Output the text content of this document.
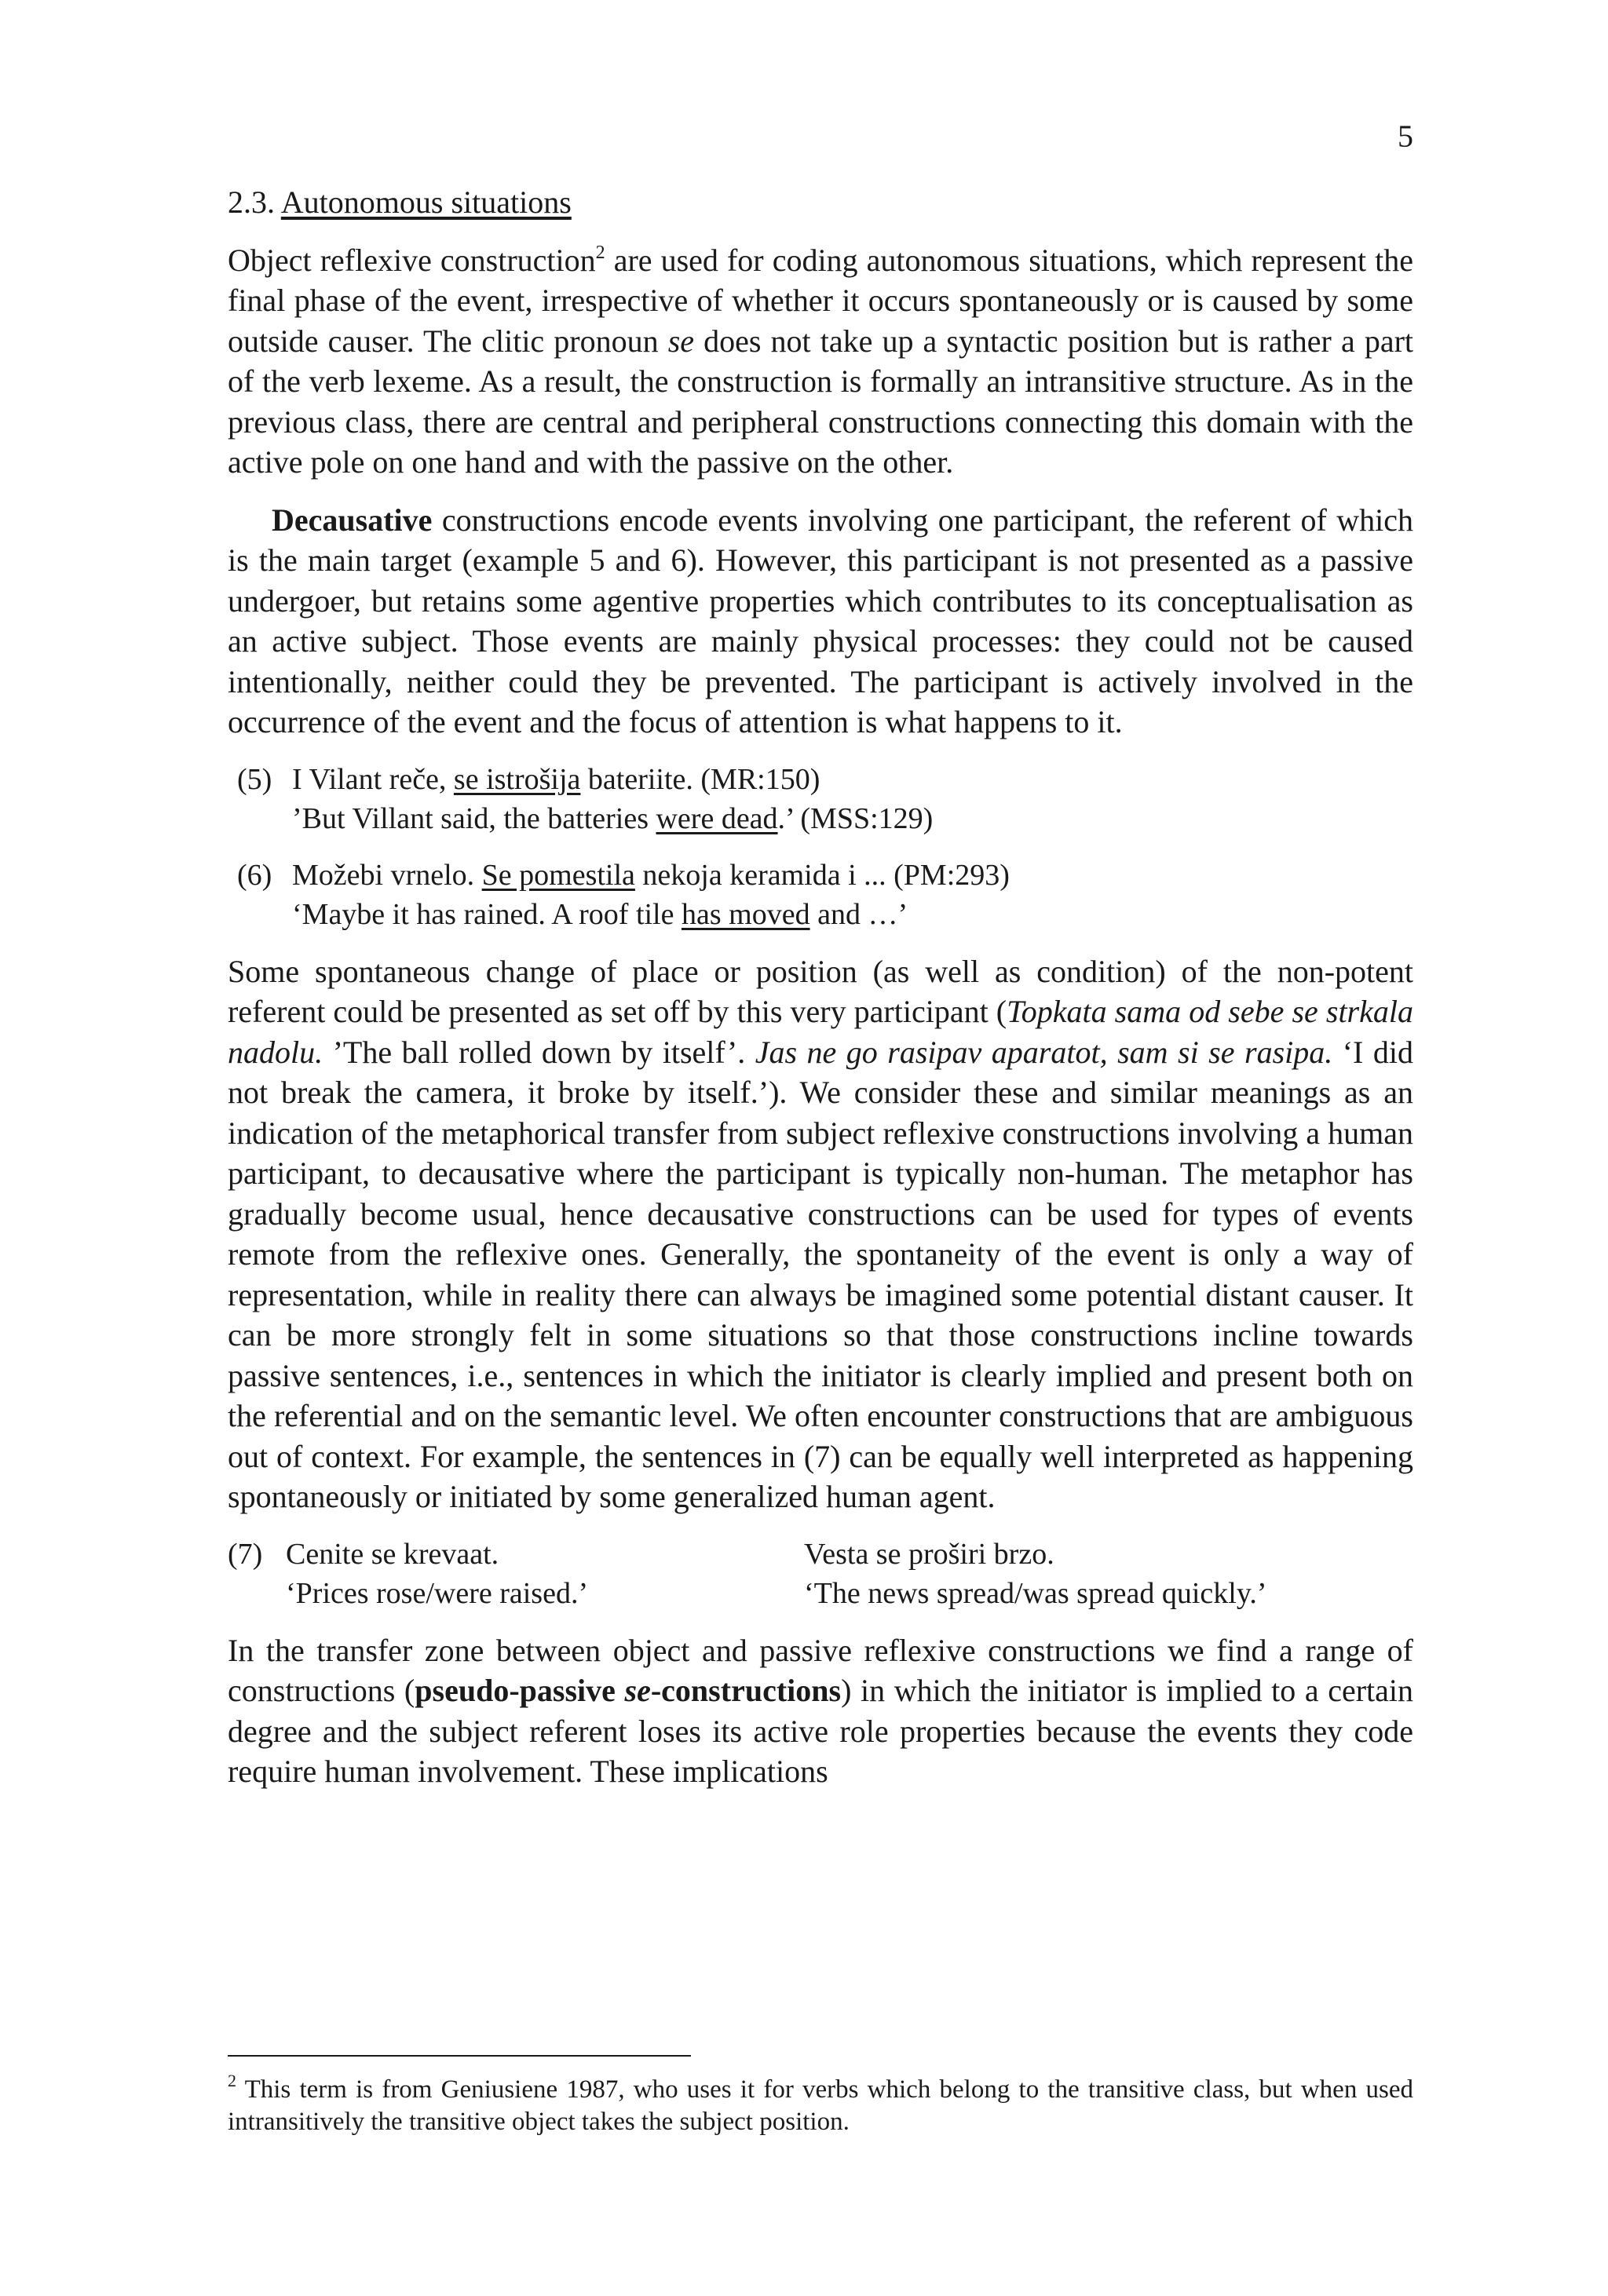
5
2.3. Autonomous situations

Object reflexive construction$^2$ are used for coding autonomous situations, which represent the final phase of the event, irrespective of whether it occurs spontaneously or is caused by some outside causer. The clitic pronoun se does not take up a syntactic position but is rather a part of the verb lexeme. As a result, the construction is formally an intransitive structure. As in the previous class, there are central and peripheral constructions connecting this domain with the active pole on one hand and with the passive on the other.

Decausative constructions encode events involving one participant, the referent of which is the main target (example 5 and 6). However, this participant is not presented as a passive undergoer, but retains some agentive properties which contributes to its conceptualisation as an active subject. Those events are mainly physical processes: they could not be caused intentionally, neither could they be prevented. The participant is actively involved in the occurrence of the event and the focus of attention is what happens to it.

(5) I Vilant reče, se istrošija bateriite. (MR:150)
’But Villant said, the batteries were dead.’ (MSS:129)
(6) Možebi vrnelo. Se pomestila nekoja keramida i ... (PM:293)
‘Maybe it has rained. A roof tile has moved and …’

Some spontaneous change of place or position (as well as condition) of the non-potent referent could be presented as set off by this very participant (Topkata sama od sebe se strkala nadolu. ’The ball rolled down by itself’. Jas ne go rasipav aparatot, sam si se rasipa. ‘I did not break the camera, it broke by itself.’). We consider these and similar meanings as an indication of the metaphorical transfer from subject reflexive constructions involving a human participant, to decausative where the participant is typically non-human. The metaphor has gradually become usual, hence decausative constructions can be used for types of events remote from the reflexive ones. Generally, the spontaneity of the event is only a way of representation, while in reality there can always be imagined some potential distant causer. It can be more strongly felt in some situations so that those constructions incline towards passive sentences, i.e., sentences in which the initiator is clearly implied and present both on the referential and on the semantic level. We often encounter constructions that are ambiguous out of context. For example, the sentences in (7) can be equally well interpreted as happening spontaneously or initiated by some generalized human agent.

(7) Cenite se krevaat.	Vesta se proširi brzo.
‘Prices rose/were raised.’	‘The news spread/was spread quickly.’

In the transfer zone between object and passive reflexive constructions we find a range of constructions (pseudo-passive se-constructions) in which the initiator is implied to a certain degree and the subject referent loses its active role properties because the events they code require human involvement. These implications

$^2$ This term is from Geniusiene 1987, who uses it for verbs which belong to the transitive class, but when used intransitively the transitive object takes the subject position.
